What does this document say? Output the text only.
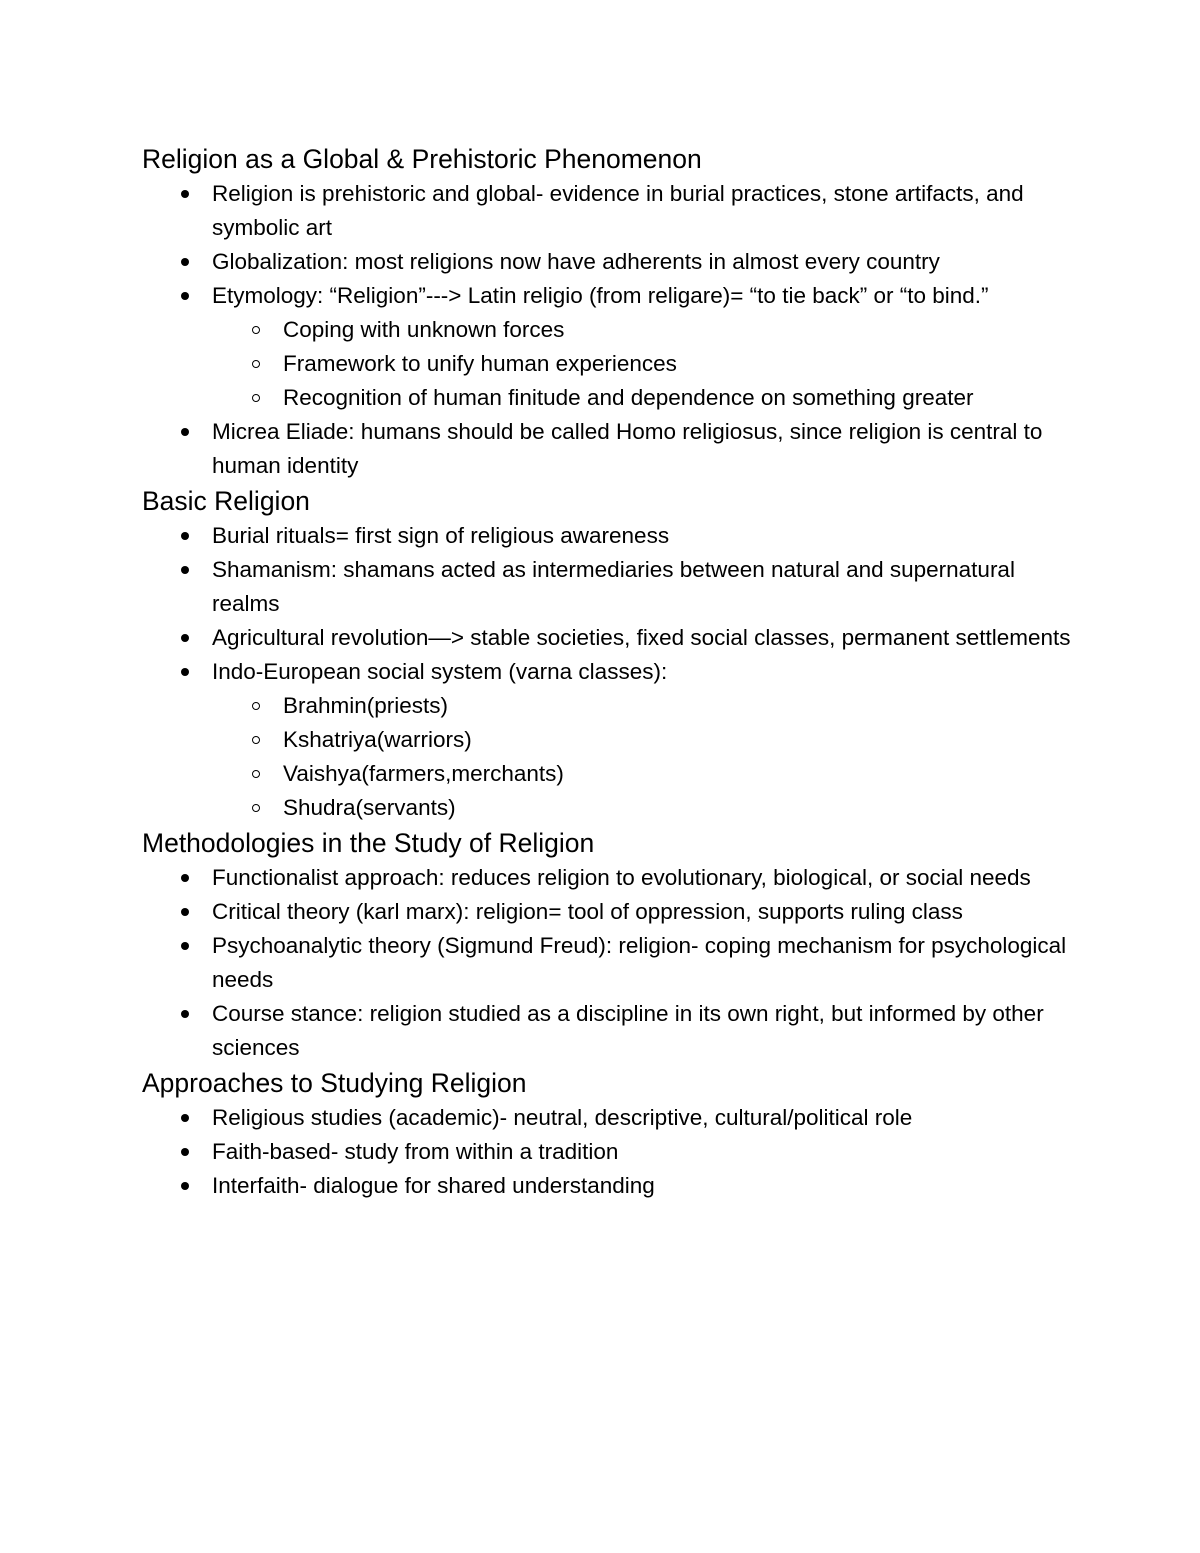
Religion as a Global & Prehistoric Phenomenon
Religion is prehistoric and global- evidence in burial practices, stone artifacts, and symbolic art
Globalization: most religions now have adherents in almost every country
Etymology: “Religion”---> Latin religio (from religare)= “to tie back” or “to bind.”
Coping with unknown forces
Framework to unify human experiences
Recognition of human finitude and dependence on something greater
Micrea Eliade: humans should be called Homo religiosus, since religion is central to human identity
Basic Religion
Burial rituals= first sign of religious awareness
Shamanism: shamans acted as intermediaries between natural and supernatural realms
Agricultural revolution—> stable societies, fixed social classes, permanent settlements
Indo-European social system (varna classes):
Brahmin(priests)
Kshatriya(warriors)
Vaishya(farmers,merchants)
Shudra(servants)
Methodologies in the Study of Religion
Functionalist approach: reduces religion to evolutionary, biological, or social needs
Critical theory (karl marx): religion= tool of oppression, supports ruling class
Psychoanalytic theory (Sigmund Freud): religion- coping mechanism for psychological needs
Course stance: religion studied as a discipline in its own right, but informed by other sciences
Approaches to Studying Religion
Religious studies (academic)- neutral, descriptive, cultural/political role
Faith-based- study from within a tradition
Interfaith- dialogue for shared understanding
